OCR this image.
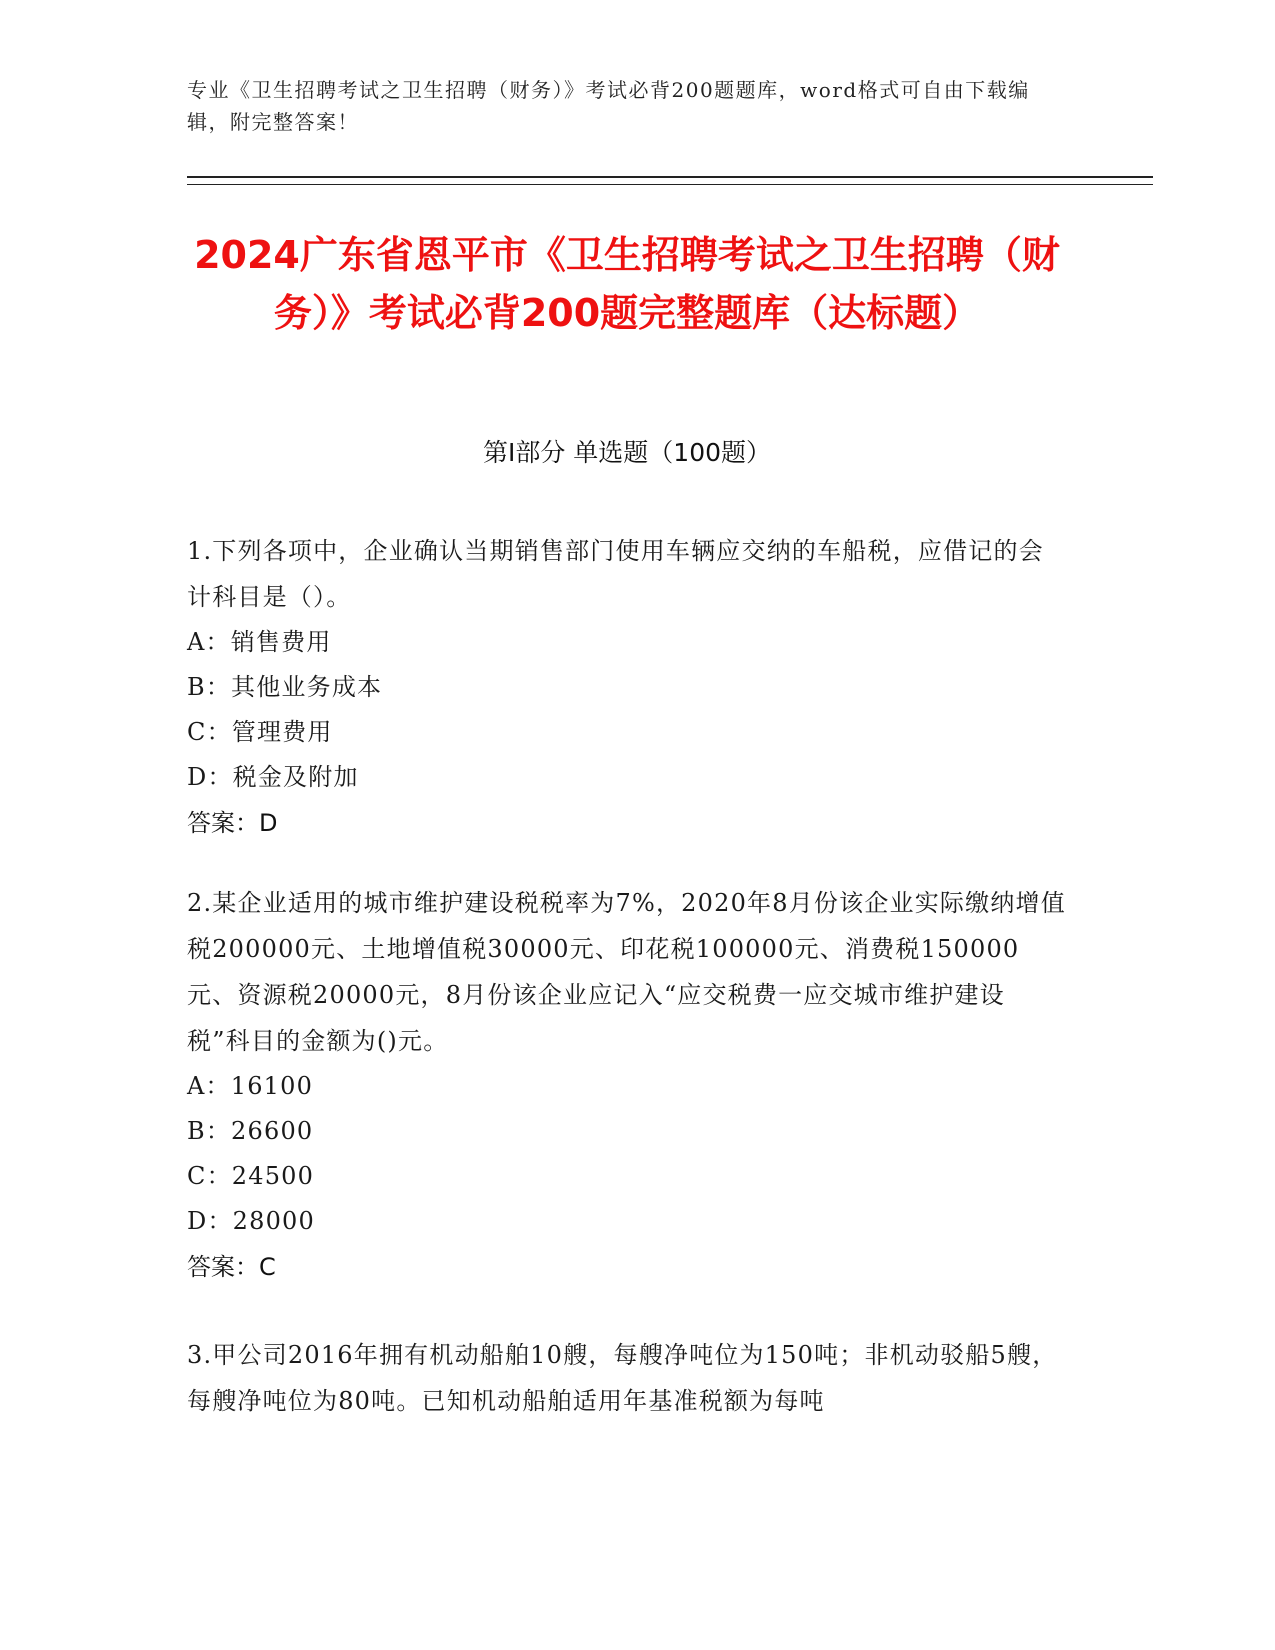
专业《卫生招聘考试之卫生招聘（财务）》考试必背200题题库，word格式可自由下载编辑，附完整答案！
2024广东省恩平市《卫生招聘考试之卫生招聘（财务）》考试必背200题完整题库（达标题）
第Ⅰ部分 单选题（100题）

1.下列各项中，企业确认当期销售部门使用车辆应交纳的车船税，应借记的会计科目是（）。

A：销售费用

B：其他业务成本

C：管理费用

D：税金及附加

答案：D

2.某企业适用的城市维护建设税税率为7%，2020年8月份该企业实际缴纳增值税200000元、土地增值税30000元、印花税100000元、消费税150000元、资源税20000元，8月份该企业应记入“应交税费一应交城市维护建设税”科目的金额为()元。

A：16100

B：26600

C：24500

D：28000

答案：C

3.甲公司2016年拥有机动船舶10艘，每艘净吨位为150吨；非机动驳船5艘，每艘净吨位为80吨。已知机动船舶适用年基准税额为每吨
